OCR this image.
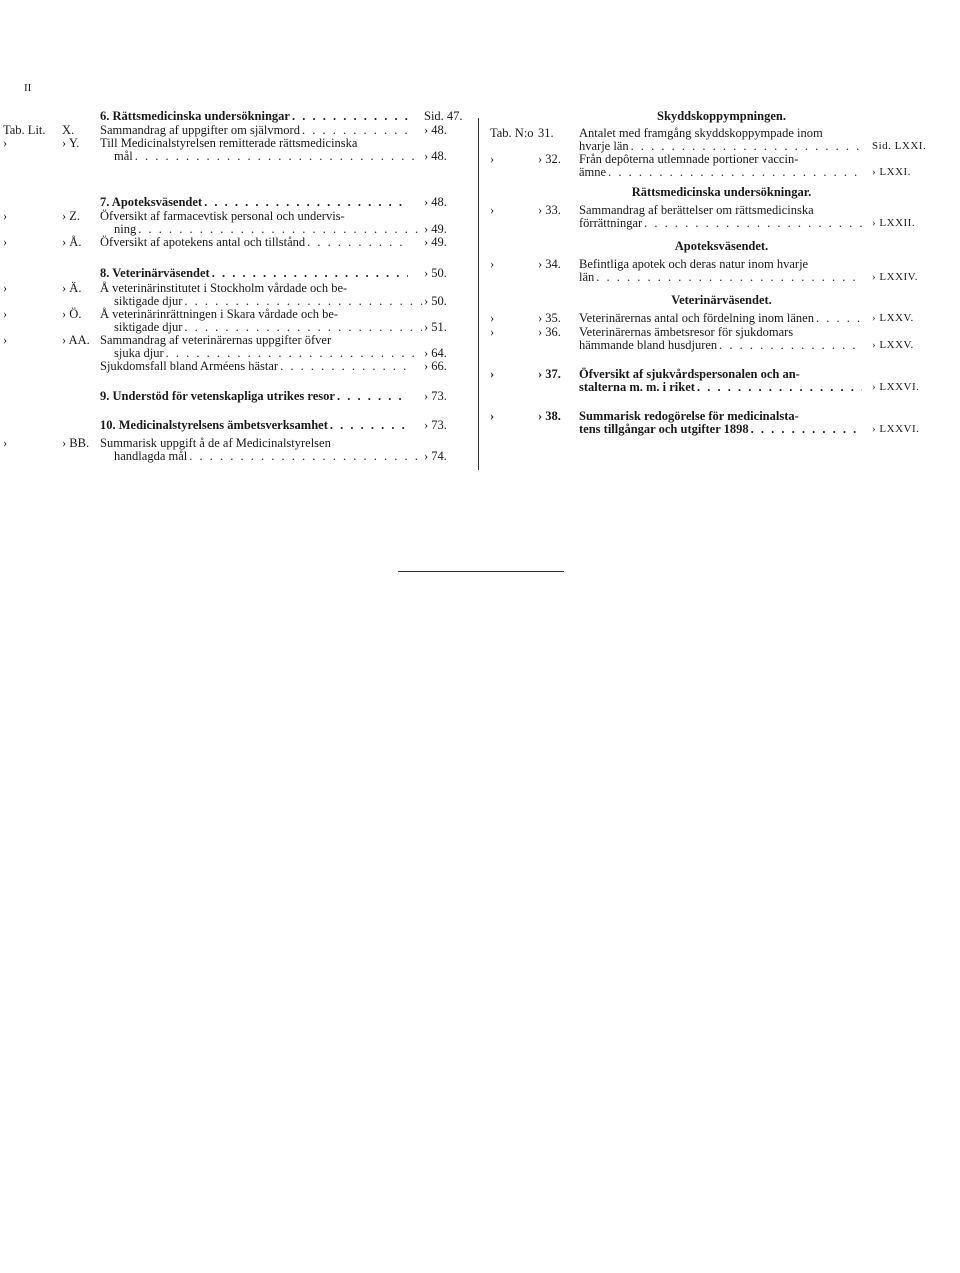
II
6. Rättsmedicinska undersökningar . . .	Sid. 47.
Tab. Lit. X. Sammandrag af uppgifter om självmord . . .	› 48.
›	› Y. Till Medicinalstyrelsen remitterade rättsmedicinska
mål . . .	› 48.
7. Apoteksväsendet . . .	› 48.
›	› Z. Öfversikt af farmacevtisk personal och undervis-
ning . . .	› 49.
›	› Å. Öfversikt af apotekens antal och tillstånd . . .	› 49.
8. Veterinärväsendet . . .	› 50.
›	› Ä. Å veterinärinstitutet i Stockholm vårdade och be-
siktigade djur . . .	› 50.
›	› Ö. Å veterinärinrättningen i Skara vårdade och be-
siktigade djur . . .	› 51.
›	› AA. Sammandrag af veterinärernas uppgifter öfver
sjuka djur . . .	› 64.
Sjukdomsfall bland Arméens hästar . . .	› 66.
9. Understöd för vetenskapliga utrikes resor . . .	› 73.
10. Medicinalstyrelsens ämbetsverksamhet . . .	› 73.
›	› BB. Summarisk uppgift å de af Medicinalstyrelsen
handlagda mål . . .	› 74.
Skyddskoppympningen.
Tab. N:o 31. Antalet med framgång skyddskoppympade inom
hvarje län . . .	Sid. LXXI.
›	› 32. Från depôterna utlemnade portioner vaccin-
ämne . . .	› LXXI.
Rättsmedicinska undersökningar.
›	› 33. Sammandrag af berättelser om rättsmedicinska
förrättningar . . .	› LXXII.
Apoteksväsendet.
›	› 34. Befintliga apotek och deras natur inom hvarje
län . . .	› LXXIV.
Veterinärväsendet.
›	› 35. Veterinärernas antal och fördelning inom länen . . .	› LXXV.
›	› 36. Veterinärernas ämbetsresor för sjukdomars
hämmande bland husdjuren . . .	› LXXV.
›	› 37. Öfversikt af sjukvårdspersonalen och an-
stalterna m. m. i riket . . .	› LXXVI.
›	› 38. Summarisk redogörelse för medicinalsta-
tens tillgångar och utgifter 1898 . . .	› LXXVI.
